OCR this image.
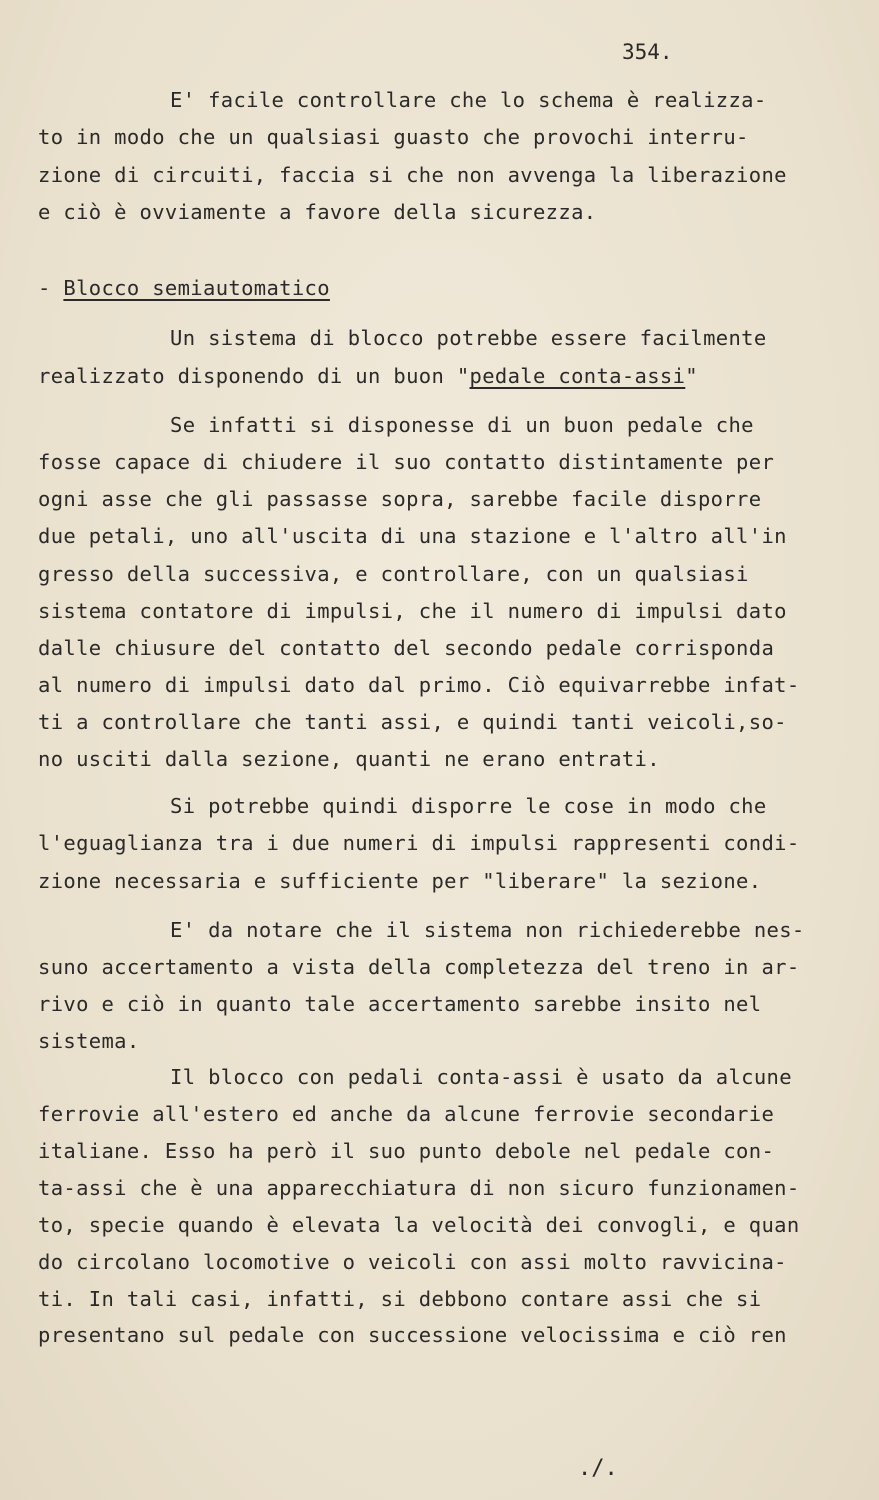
354.
E' facile controllare che lo schema è realizza-
to in modo che un qualsiasi guasto che provochi interru-
zione di circuiti, faccia si che non avvenga la liberazione
e ciò è ovviamente a favore della sicurezza.
- Blocco semiautomatico
Un sistema di blocco potrebbe essere facilmente
realizzato disponendo di un buon "pedale conta-assi"
Se infatti si disponesse di un buon pedale che
fosse capace di chiudere il suo contatto distintamente per
ogni asse che gli passasse sopra, sarebbe facile disporre
due petali, uno all'uscita di una stazione e l'altro all'in
gresso della successiva, e controllare, con un qualsiasi
sistema contatore di impulsi, che il numero di impulsi dato
dalle chiusure del contatto del secondo pedale corrisponda
al numero di impulsi dato dal primo. Ciò equivarrebbe infat-
ti a controllare che tanti assi, e quindi tanti veicoli,so-
no usciti dalla sezione, quanti ne erano entrati.
Si potrebbe quindi disporre le cose in modo che
l'eguaglianza tra i due numeri di impulsi rappresenti condi-
zione necessaria e sufficiente per "liberare" la sezione.
E' da notare che il sistema non richiederebbe nes-
suno accertamento a vista della completezza del treno in ar-
rivo e ciò in quanto tale accertamento sarebbe insito nel
sistema.
Il blocco con pedali conta-assi è usato da alcune
ferrovie all'estero ed anche da alcune ferrovie secondarie
italiane. Esso ha però il suo punto debole nel pedale con-
ta-assi che è una apparecchiatura di non sicuro funzionamen-
to, specie quando è elevata la velocità dei convogli, e quan
do circolano locomotive o veicoli con assi molto ravvicina-
ti. In tali casi, infatti, si debbono contare assi che si
presentano sul pedale con successione velocissima e ciò ren
./.
